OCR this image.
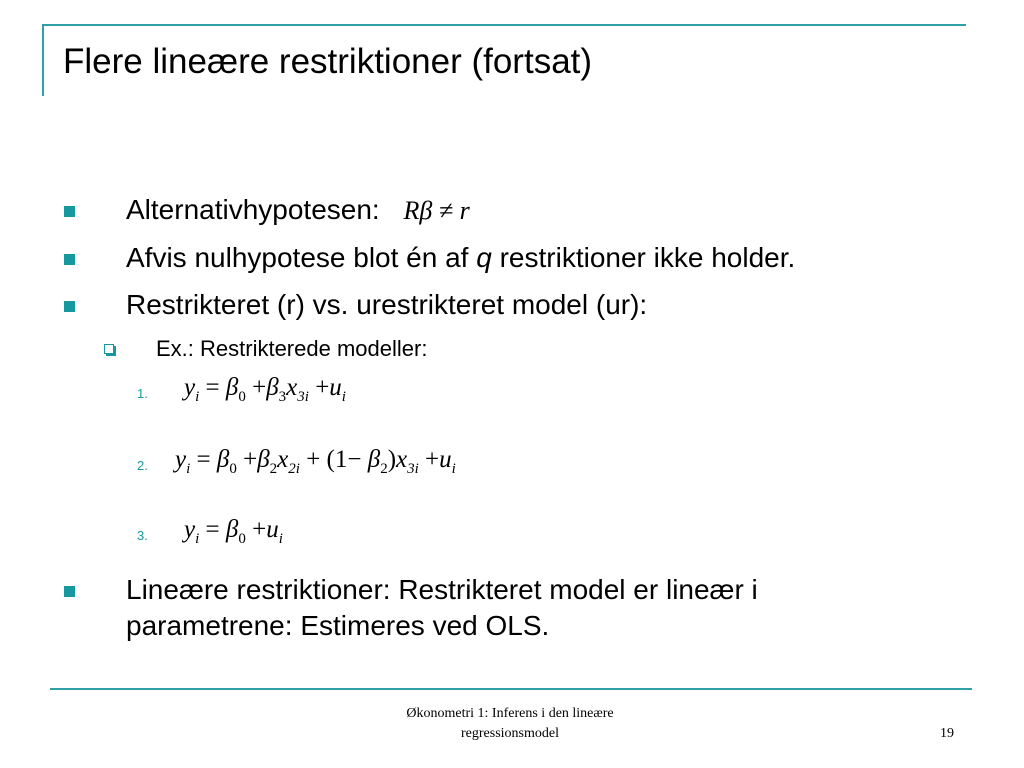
Flere lineære restriktioner (fortsat)
Alternativhypotesen: Rβ ≠ r
Afvis nulhypotese blot én af q restriktioner ikke holder.
Restrikteret (r) vs. urestrikteret model (ur):
Ex.: Restrikterede modeller:
1. $y_i = \beta_0 +\beta_3x_{3i} +u_i$
2. $y_i = \beta_0 +\beta_2x_{2i} + (1- \beta_2)x_{3i} +u_i$
3. $y_i = \beta_0 +u_i$
Lineære restriktioner: Restrikteret model er lineær i
parametrene: Estimeres ved OLS.
Økonometri 1: Inferens i den lineære
regressionsmodel	19
